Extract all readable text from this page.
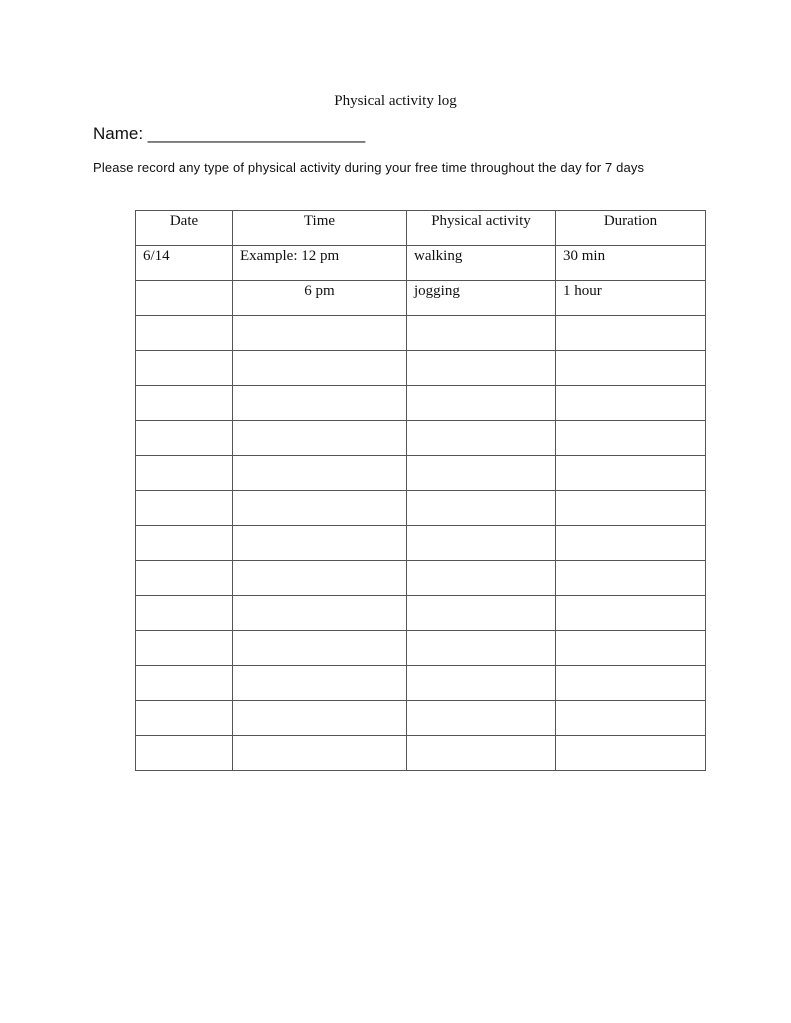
Physical activity log
Name: _______________________
Please record any type of physical activity during your free time throughout the day for 7 days
Date	Time	Physical activity	Duration
6/14	Example: 12 pm	walking	30 min
	6 pm	jogging	1 hour
